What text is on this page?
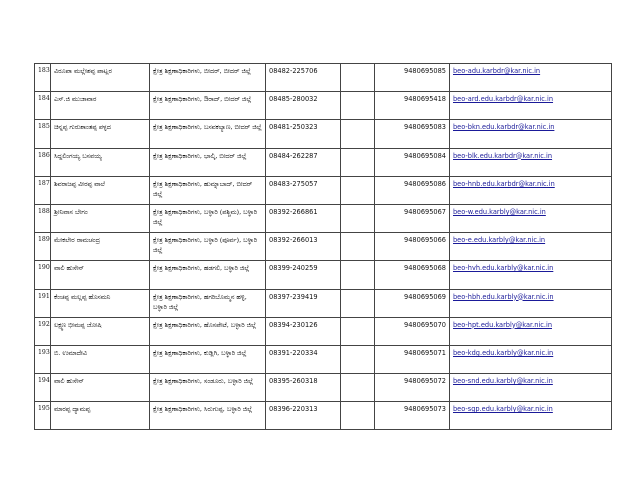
183	ವಿರೂಪಾ ಮಲ್ಲೇಶಪ್ಪ ಪಾಟ್ಲರ	ಕ್ಷೇತ್ರ ಶಿಕ್ಷಣಾಧಿಕಾರಿಗಳು, ಬೀದರ್, ಬೀದರ್ ಜಿಲ್ಲೆ	08482-225706		9480695085	beo-adu.karbdr@kar.nic.in
184	ಎಸ್.ಜಿ ಮುಜಾವಾರ	ಕ್ಷೇತ್ರ ಶಿಕ್ಷಣಾಧಿಕಾರಿಗಳು, ಔರಾದ್, ಬೀದರ್ ಜಿಲ್ಲೆ	08485-280032		9480695418	beo-ard.edu.karbdr@kar.nic.in
185	ಚಿನ್ನಪ್ಪ ಗುರುಶಾಂತಪ್ಪ ಪಳ್ಳದ	ಕ್ಷೇತ್ರ ಶಿಕ್ಷಣಾಧಿಕಾರಿಗಳು, ಬಸವಕಲ್ಯಾಣ, ಬೀದರ್ ಜಿಲ್ಲೆ	08481-250323		9480695083	beo-bkn.edu.karbdr@kar.nic.in
186	ಸಿದ್ದಲಿಂಗಯ್ಯ ಬಸವಯ್ಯ	ಕ್ಷೇತ್ರ ಶಿಕ್ಷಣಾಧಿಕಾರಿಗಳು, ಭಾಲ್ಕಿ, ಬೀದರ್ ಜಿಲ್ಲೆ	08484-262287		9480695084	beo-blk.edu.karbdr@kar.nic.in
187	ಶಿವರಾಜಪ್ಪ ವೀರಪ್ಪ ವಾಲೆ	ಕ್ಷೇತ್ರ ಶಿಕ್ಷಣಾಧಿಕಾರಿಗಳು, ಹುಮ್ನಾಬಾದ್, ಬೀದರ್ ಜಿಲ್ಲೆ	08483-275057		9480695086	beo-hnb.edu.karbdr@kar.nic.in
188	ಶ್ರೀನಿವಾಸ ಬೇಗಂ	ಕ್ಷೇತ್ರ ಶಿಕ್ಷಣಾಧಿಕಾರಿಗಳು, ಬಳ್ಳಾರಿ (ಪಶ್ಚಿಮ), ಬಳ್ಳಾರಿ ಜಿಲ್ಲೆ	08392-266861		9480695067	beo-w.edu.karbly@kar.nic.in
189	ಮೇಕಲೇರ ರಾಮಚಂದ್ರ	ಕ್ಷೇತ್ರ ಶಿಕ್ಷಣಾಧಿಕಾರಿಗಳು, ಬಳ್ಳಾರಿ (ಪೂರ್ವ), ಬಳ್ಳಾರಿ ಜಿಲ್ಲೆ	08392-266013		9480695066	beo-e.edu.karbly@kar.nic.in
190	ವಾಲಿ ಹುಸೇನ್	ಕ್ಷೇತ್ರ ಶಿಕ್ಷಣಾಧಿಕಾರಿಗಳು, ಹಡಗಲಿ, ಬಳ್ಳಾರಿ ಜಿಲ್ಲೆ	08399-240259		9480695068	beo-hvh.edu.karbly@kar.nic.in
191	ಕೆಂಚಪ್ಪ ಮಲ್ಲಪ್ಪ ಹೊಸಮನಿ	ಕ್ಷೇತ್ರ ಶಿಕ್ಷಣಾಧಿಕಾರಿಗಳು, ಹಗರಿಬೊಮ್ಮನ ಹಳ್ಳಿ, ಬಳ್ಳಾರಿ ಜಿಲ್ಲೆ	08397-239419		9480695069	beo-hbh.edu.karbly@kar.nic.in
192	ಲಕ್ಷ್ಮಣ ಭೀಮಪ್ಪ ಜೋಷಿ	ಕ್ಷೇತ್ರ ಶಿಕ್ಷಣಾಧಿಕಾರಿಗಳು, ಹೊಸಪೇಟೆ, ಬಳ್ಳಾರಿ ಜಿಲ್ಲೆ	08394-230126		9480695070	beo-hpt.edu.karbly@kar.nic.in
193	ಬಿ. ಉಮಾದೇವಿ	ಕ್ಷೇತ್ರ ಶಿಕ್ಷಣಾಧಿಕಾರಿಗಳು, ಕುಡ್ಲಿಗಿ, ಬಳ್ಳಾರಿ ಜಿಲ್ಲೆ	08391-220334		9480695071	beo-kdg.edu.karbly@kar.nic.in
194	ವಾಲಿ ಹುಸೇನ್	ಕ್ಷೇತ್ರ ಶಿಕ್ಷಣಾಧಿಕಾರಿಗಳು, ಸಂಡೂರು, ಬಳ್ಳಾರಿ ಜಿಲ್ಲೆ	08395-260318		9480695072	beo-snd.edu.karbly@kar.nic.in
195	ಮಾರಪ್ಪ ದ್ಯಾಮಪ್ಪ	ಕ್ಷೇತ್ರ ಶಿಕ್ಷಣಾಧಿಕಾರಿಗಳು, ಸಿರುಗುಪ್ಪ, ಬಳ್ಳಾರಿ ಜಿಲ್ಲೆ	08396-220313		9480695073	beo-sgp.edu.karbly@kar.nic.in
